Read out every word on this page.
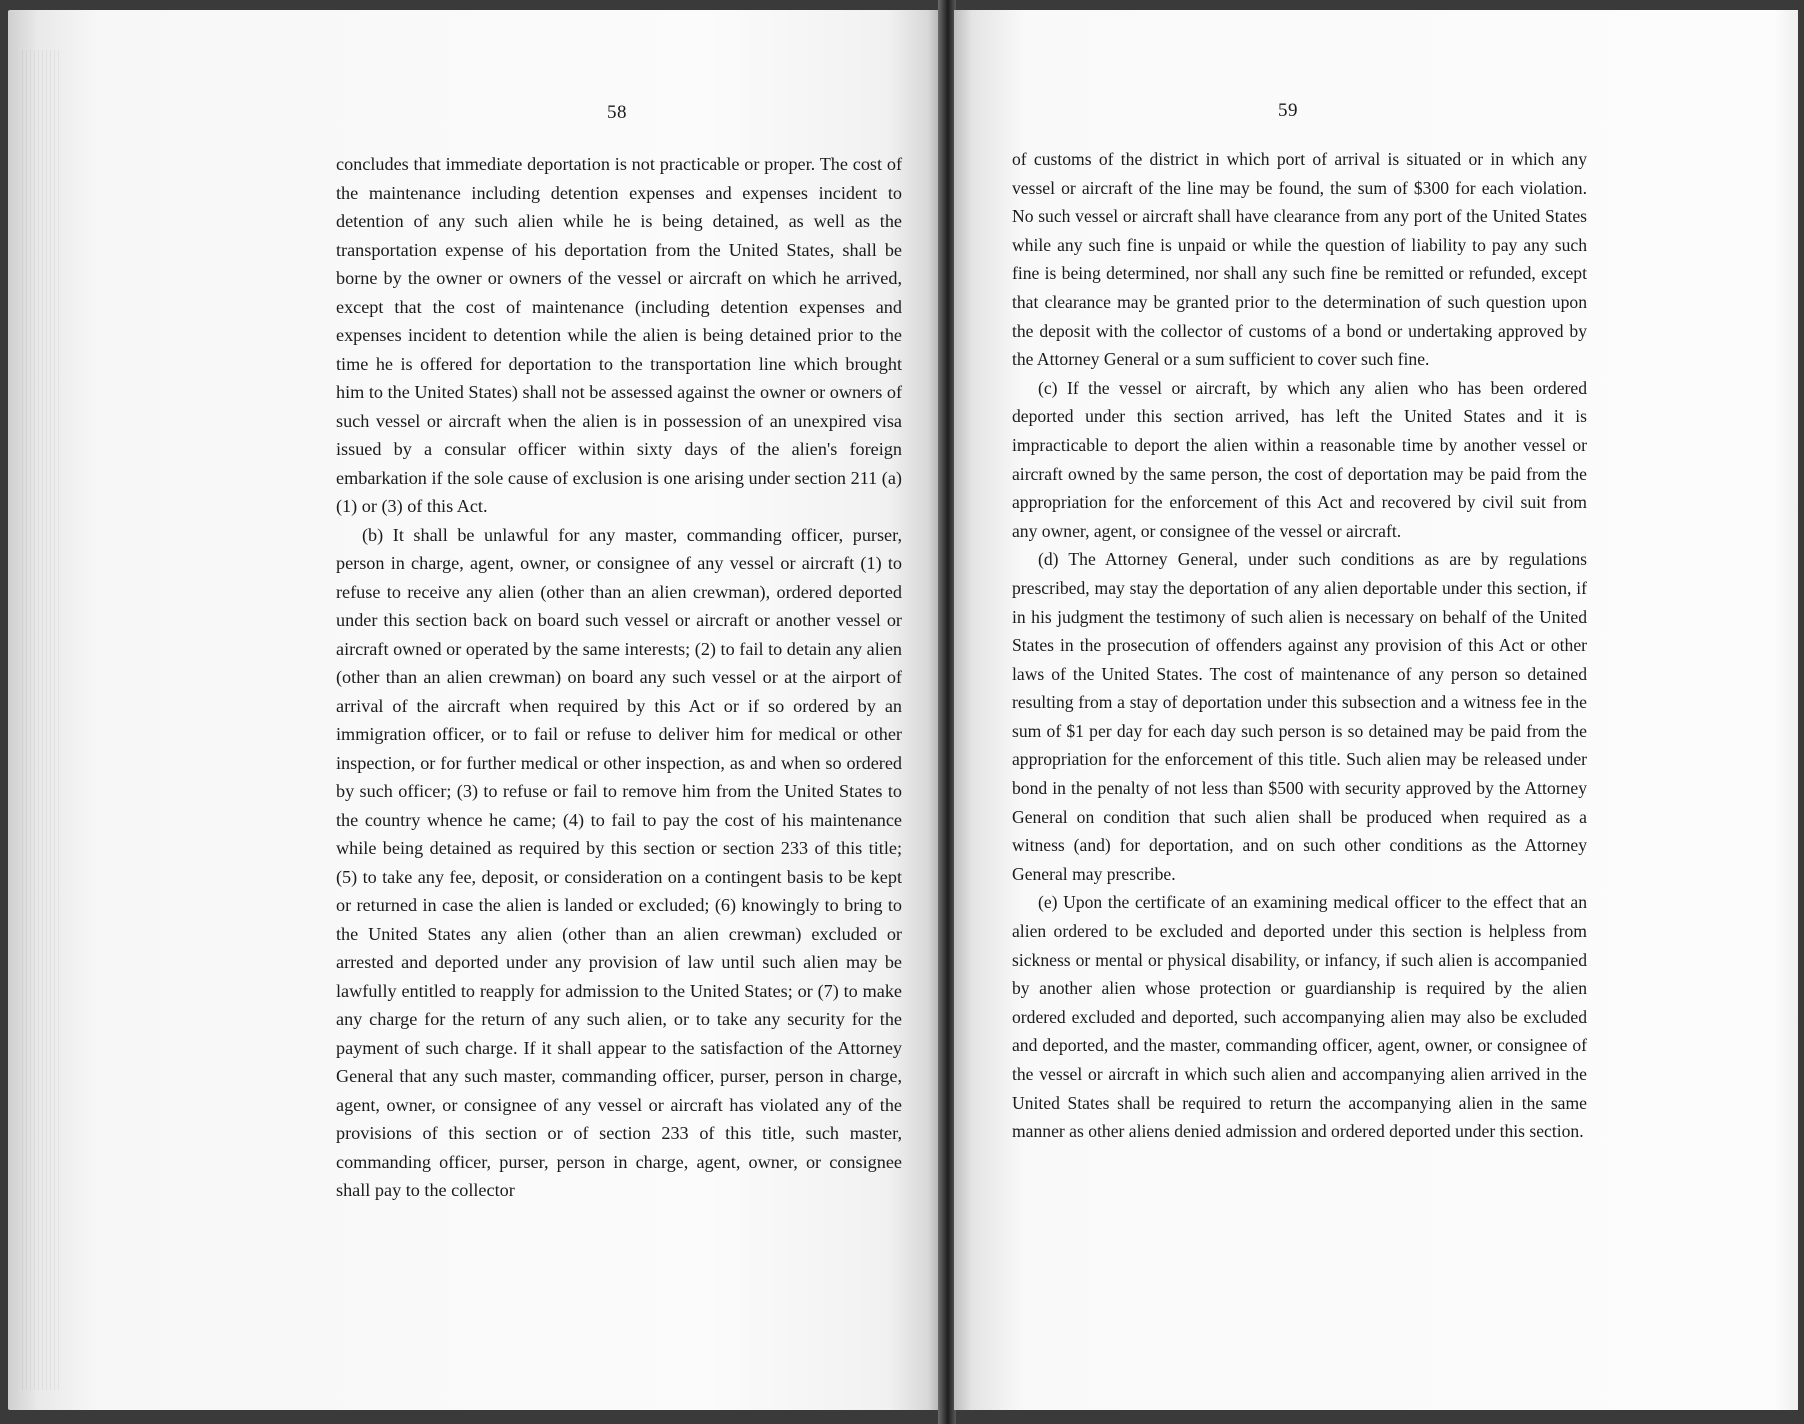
58

concludes that immediate deportation is not practicable or proper. The cost of the maintenance including detention expenses and expenses incident to detention of any such alien while he is being detained, as well as the transportation expense of his deportation from the United States, shall be borne by the owner or owners of the vessel or aircraft on which he arrived, except that the cost of maintenance (including detention expenses and expenses incident to detention while the alien is being detained prior to the time he is offered for deportation to the transportation line which brought him to the United States) shall not be assessed against the owner or owners of such vessel or aircraft when the alien is in possession of an unexpired visa issued by a consular officer within sixty days of the alien's foreign embarkation if the sole cause of exclusion is one arising under section 211 (a) (1) or (3) of this Act.

(b) It shall be unlawful for any master, commanding officer, purser, person in charge, agent, owner, or consignee of any vessel or aircraft (1) to refuse to receive any alien (other than an alien crewman), ordered deported under this section back on board such vessel or aircraft or another vessel or aircraft owned or operated by the same interests; (2) to fail to detain any alien (other than an alien crewman) on board any such vessel or at the airport of arrival of the aircraft when required by this Act or if so ordered by an immigration officer, or to fail or refuse to deliver him for medical or other inspection, or for further medical or other inspection, as and when so ordered by such officer; (3) to refuse or fail to remove him from the United States to the country whence he came; (4) to fail to pay the cost of his maintenance while being detained as required by this section or section 233 of this title; (5) to take any fee, deposit, or consideration on a contingent basis to be kept or returned in case the alien is landed or excluded; (6) knowingly to bring to the United States any alien (other than an alien crewman) excluded or arrested and deported under any provision of law until such alien may be lawfully entitled to reapply for admission to the United States; or (7) to make any charge for the return of any such alien, or to take any security for the payment of such charge. If it shall appear to the satisfaction of the Attorney General that any such master, commanding officer, purser, person in charge, agent, owner, or consignee of any vessel or aircraft has violated any of the provisions of this section or of section 233 of this title, such master, commanding officer, purser, person in charge, agent, owner, or consignee shall pay to the collector

59

of customs of the district in which port of arrival is situated or in which any vessel or aircraft of the line may be found, the sum of $300 for each violation. No such vessel or aircraft shall have clearance from any port of the United States while any such fine is unpaid or while the question of liability to pay any such fine is being determined, nor shall any such fine be remitted or refunded, except that clearance may be granted prior to the determination of such question upon the deposit with the collector of customs of a bond or undertaking approved by the Attorney General or a sum sufficient to cover such fine.

(c) If the vessel or aircraft, by which any alien who has been ordered deported under this section arrived, has left the United States and it is impracticable to deport the alien within a reasonable time by another vessel or aircraft owned by the same person, the cost of deportation may be paid from the appropriation for the enforcement of this Act and recovered by civil suit from any owner, agent, or consignee of the vessel or aircraft.

(d) The Attorney General, under such conditions as are by regulations prescribed, may stay the deportation of any alien deportable under this section, if in his judgment the testimony of such alien is necessary on behalf of the United States in the prosecution of offenders against any provision of this Act or other laws of the United States. The cost of maintenance of any person so detained resulting from a stay of deportation under this subsection and a witness fee in the sum of $1 per day for each day such person is so detained may be paid from the appropriation for the enforcement of this title. Such alien may be released under bond in the penalty of not less than $500 with security approved by the Attorney General on condition that such alien shall be produced when required as a witness (and) for deportation, and on such other conditions as the Attorney General may prescribe.

(e) Upon the certificate of an examining medical officer to the effect that an alien ordered to be excluded and deported under this section is helpless from sickness or mental or physical disability, or infancy, if such alien is accompanied by another alien whose protection or guardianship is required by the alien ordered excluded and deported, such accompanying alien may also be excluded and deported, and the master, commanding officer, agent, owner, or consignee of the vessel or aircraft in which such alien and accompanying alien arrived in the United States shall be required to return the accompanying alien in the same manner as other aliens denied admission and ordered deported under this section.
